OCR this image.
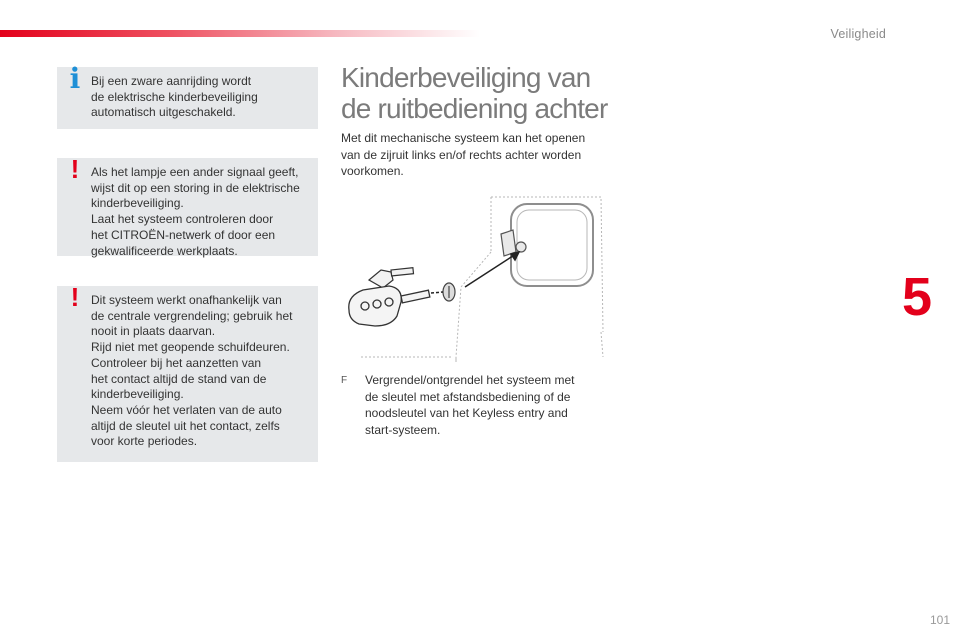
Veiligheid
5
101
i Bij een zware aanrijding wordt

de elektrische kinderbeveiliging

automatisch uitgeschakeld.

! Als het lampje een ander signaal geeft,

wijst dit op een storing in de elektrische

kinderbeveiliging.

Laat het systeem controleren door

het CITROËN-netwerk of door een

gekwalificeerde werkplaats.

! Dit systeem werkt onafhankelijk van

de centrale vergrendeling; gebruik het

nooit in plaats daarvan.

Rijd niet met geopende schuifdeuren.

Controleer bij het aanzetten van

het contact altijd de stand van de

kinderbeveiliging.

Neem vóór het verlaten van de auto

altijd de sleutel uit het contact, zelfs

voor korte periodes.

Kinderbeveiliging van
de ruitbediening achter
Met dit mechanische systeem kan het openen
van de zijruit links en/of rechts achter worden
voorkomen.
F Vergrendel/ontgrendel het systeem met
de sleutel met afstandsbediening of de
noodsleutel van het Keyless entry and
start-systeem.
